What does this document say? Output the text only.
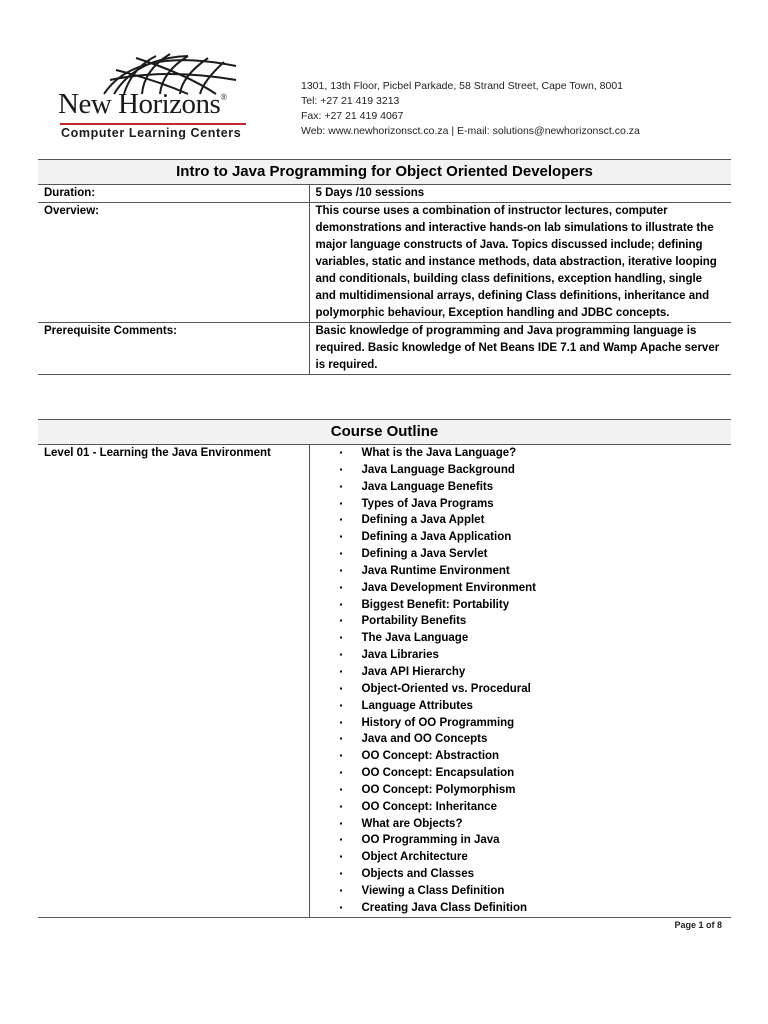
New Horizons®
Computer Learning Centers
1301, 13th Floor, Picbel Parkade, 58 Strand Street, Cape Town, 8001
Tel: +27 21 419 3213
Fax: +27 21 419 4067
Web: www.newhorizonsct.co.za | E-mail: solutions@newhorizonsct.co.za
Intro to Java Programming for Object Oriented Developers	
Duration:	5 Days /10 sessions
Overview:	This course uses a combination of instructor lectures, computer demonstrations and interactive hands-on lab simulations to illustrate the major language constructs of Java. Topics discussed include; defining variables, static and instance methods, data abstraction, iterative looping and conditionals, building class definitions, exception handling, single and multidimensional arrays, defining Class definitions, inheritance and polymorphic behaviour, Exception handling and JDBC concepts.
Prerequisite Comments:	Basic knowledge of programming and Java programming language is required. Basic knowledge of Net Beans IDE 7.1 and Wamp Apache server is required.
Course Outline
Level 01 - Learning the Java Environment	▪ What is the Java Language?
▪ Java Language Background
▪ Java Language Benefits
▪ Types of Java Programs
▪ Defining a Java Applet
▪ Defining a Java Application
▪ Defining a Java Servlet
▪ Java Runtime Environment
▪ Java Development Environment
▪ Biggest Benefit: Portability
▪ Portability Benefits
▪ The Java Language
▪ Java Libraries
▪ Java API Hierarchy
▪ Object-Oriented vs. Procedural
▪ Language Attributes
▪ History of OO Programming
▪ Java and OO Concepts
▪ OO Concept: Abstraction
▪ OO Concept: Encapsulation
▪ OO Concept: Polymorphism
▪ OO Concept: Inheritance
▪ What are Objects?
▪ OO Programming in Java
▪ Object Architecture
▪ Objects and Classes
▪ Viewing a Class Definition
▪ Creating Java Class Definition
Page 1 of 8
